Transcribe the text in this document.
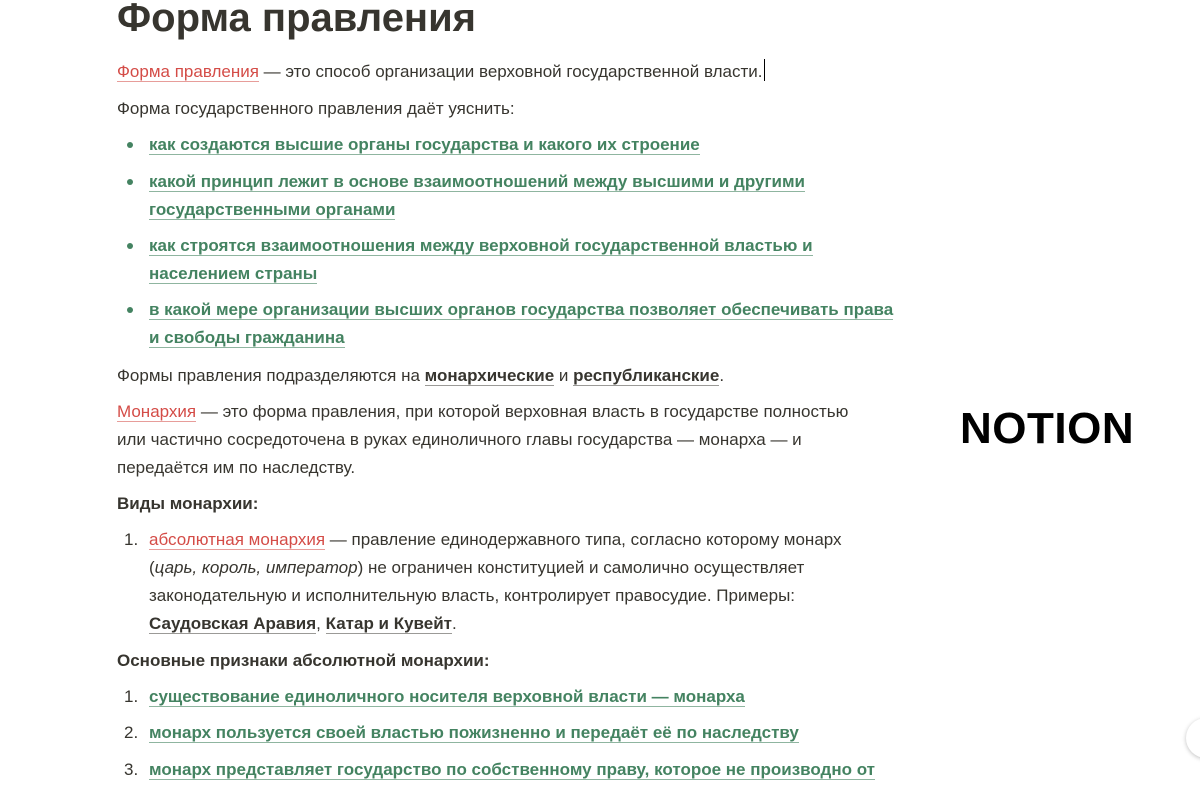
Форма правления
Форма правления — это способ организации верховной государственной власти.
Форма государственного правления даёт уяснить:
как создаются высшие органы государства и какого их строение
какой принцип лежит в основе взаимоотношений между высшими и другими
государственными органами
как строятся взаимоотношения между верховной государственной властью и
населением страны
в какой мере организации высших органов государства позволяет обеспечивать права
и свободы гражданина
Формы правления подразделяются на монархические и республиканские.
Монархия — это форма правления, при которой верховная власть в государстве полностью
или частично сосредоточена в руках единоличного главы государства — монарха — и
передаётся им по наследству.
Виды монархии:
1. абсолютная монархия — правление единодержавного типа, согласно которому монарх
(царь, король, император) не ограничен конституцией и самолично осуществляет
законодательную и исполнительную власть, контролирует правосудие. Примеры:
Саудовская Аравия, Катар и Кувейт.
Основные признаки абсолютной монархии:
1. существование единоличного носителя верховной власти — монарха
2. монарх пользуется своей властью пожизненно и передаёт её по наследству
3. монарх представляет государство по собственному праву, которое не производно от
NOTION
